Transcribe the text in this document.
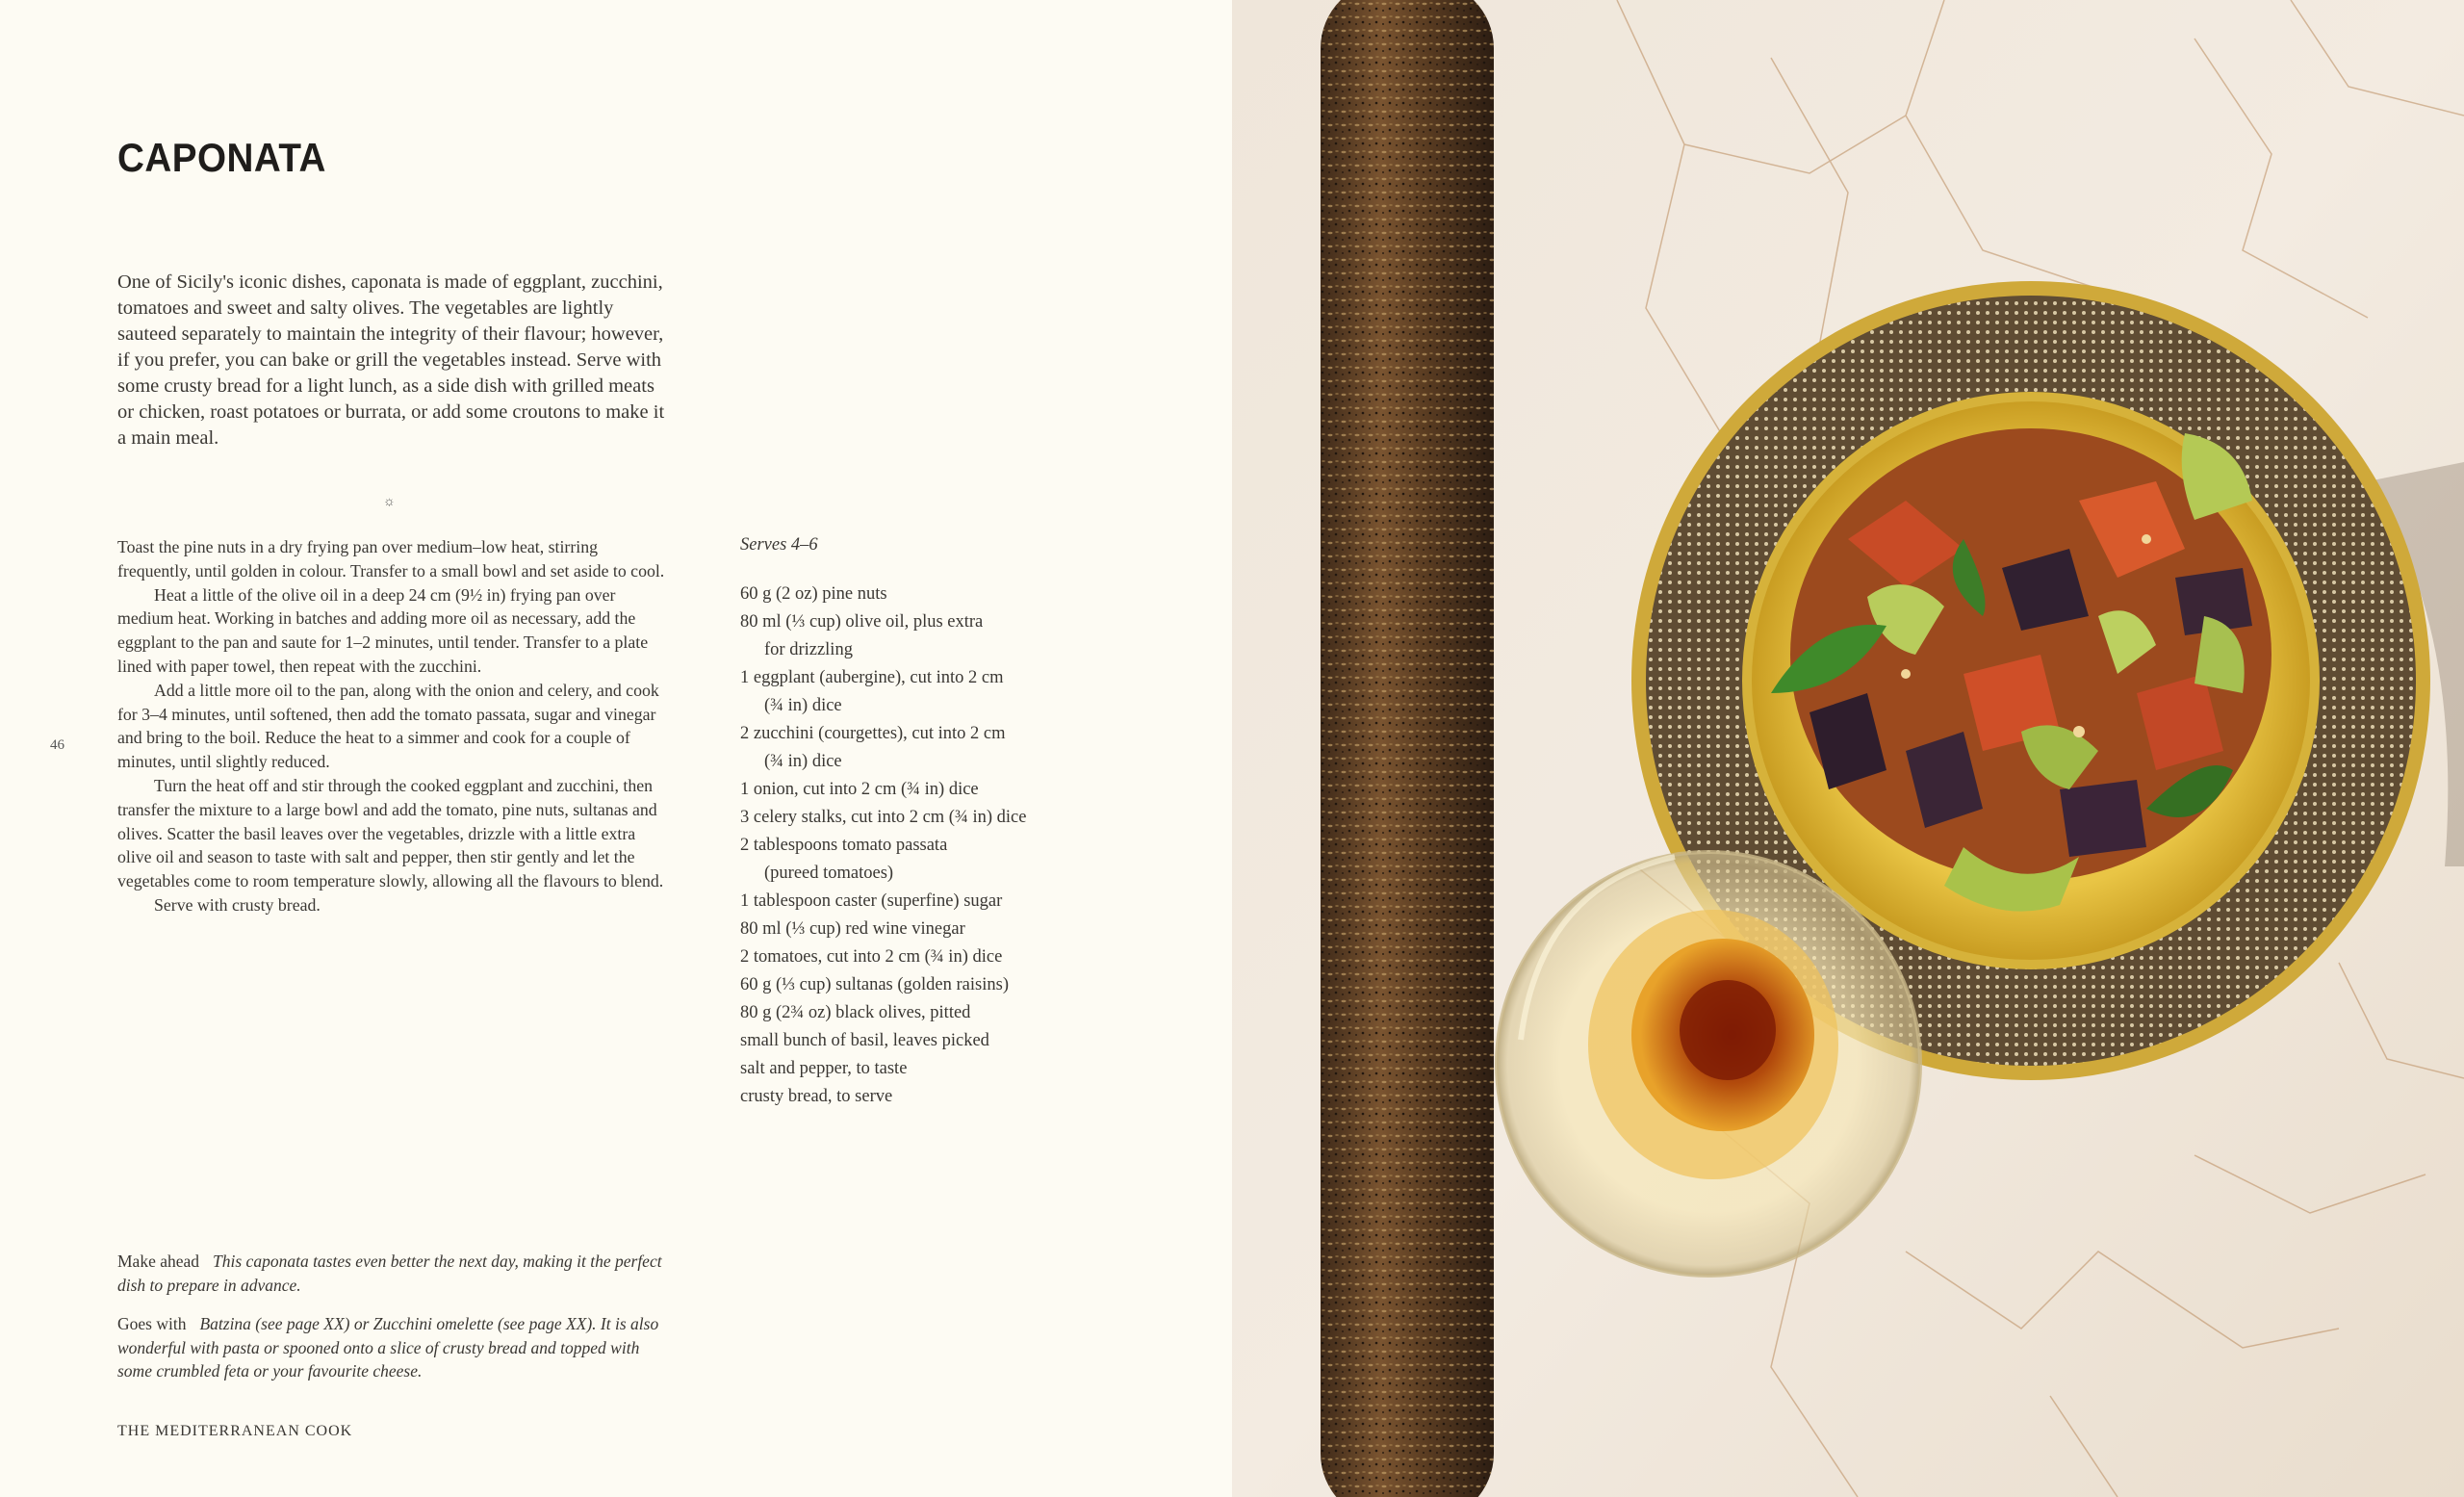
CAPONATA

One of Sicily's iconic dishes, caponata is made of eggplant, zucchini, tomatoes and sweet and salty olives. The vegetables are lightly sauteed separately to maintain the integrity of their flavour; however, if you prefer, you can bake or grill the vegetables instead. Serve with some crusty bread for a light lunch, as a side dish with grilled meats or chicken, roast potatoes or burrata, or add some croutons to make it a main meal.

☼

Toast the pine nuts in a dry frying pan over medium–low heat, stirring frequently, until golden in colour. Transfer to a small bowl and set aside to cool.

Heat a little of the olive oil in a deep 24 cm (9½ in) frying pan over medium heat. Working in batches and adding more oil as necessary, add the eggplant to the pan and saute for 1–2 minutes, until tender. Transfer to a plate lined with paper towel, then repeat with the zucchini.

Add a little more oil to the pan, along with the onion and celery, and cook for 3–4 minutes, until softened, then add the tomato passata, sugar and vinegar and bring to the boil. Reduce the heat to a simmer and cook for a couple of minutes, until slightly reduced.

Turn the heat off and stir through the cooked eggplant and zucchini, then transfer the mixture to a large bowl and add the tomato, pine nuts, sultanas and olives. Scatter the basil leaves over the vegetables, drizzle with a little extra olive oil and season to taste with salt and pepper, then stir gently and let the vegetables come to room temperature slowly, allowing all the flavours to blend.

Serve with crusty bread.

46
Serves 4–6
60 g (2 oz) pine nuts
80 ml (⅓ cup) olive oil, plus extra
for drizzling
1 eggplant (aubergine), cut into 2 cm
(¾ in) dice
2 zucchini (courgettes), cut into 2 cm
(¾ in) dice
1 onion, cut into 2 cm (¾ in) dice
3 celery stalks, cut into 2 cm (¾ in) dice
2 tablespoons tomato passata
(pureed tomatoes)
1 tablespoon caster (superfine) sugar
80 ml (⅓ cup) red wine vinegar
2 tomatoes, cut into 2 cm (¾ in) dice
60 g (⅓ cup) sultanas (golden raisins)
80 g (2¾ oz) black olives, pitted
small bunch of basil, leaves picked
salt and pepper, to taste
crusty bread, to serve

Make ahead This caponata tastes even better the next day, making it the perfect dish to prepare in advance.

Goes with Batzina (see page XX) or Zucchini omelette (see page XX). It is also wonderful with pasta or spooned onto a slice of crusty bread and topped with some crumbled feta or your favourite cheese.

THE MEDITERRANEAN COOK
